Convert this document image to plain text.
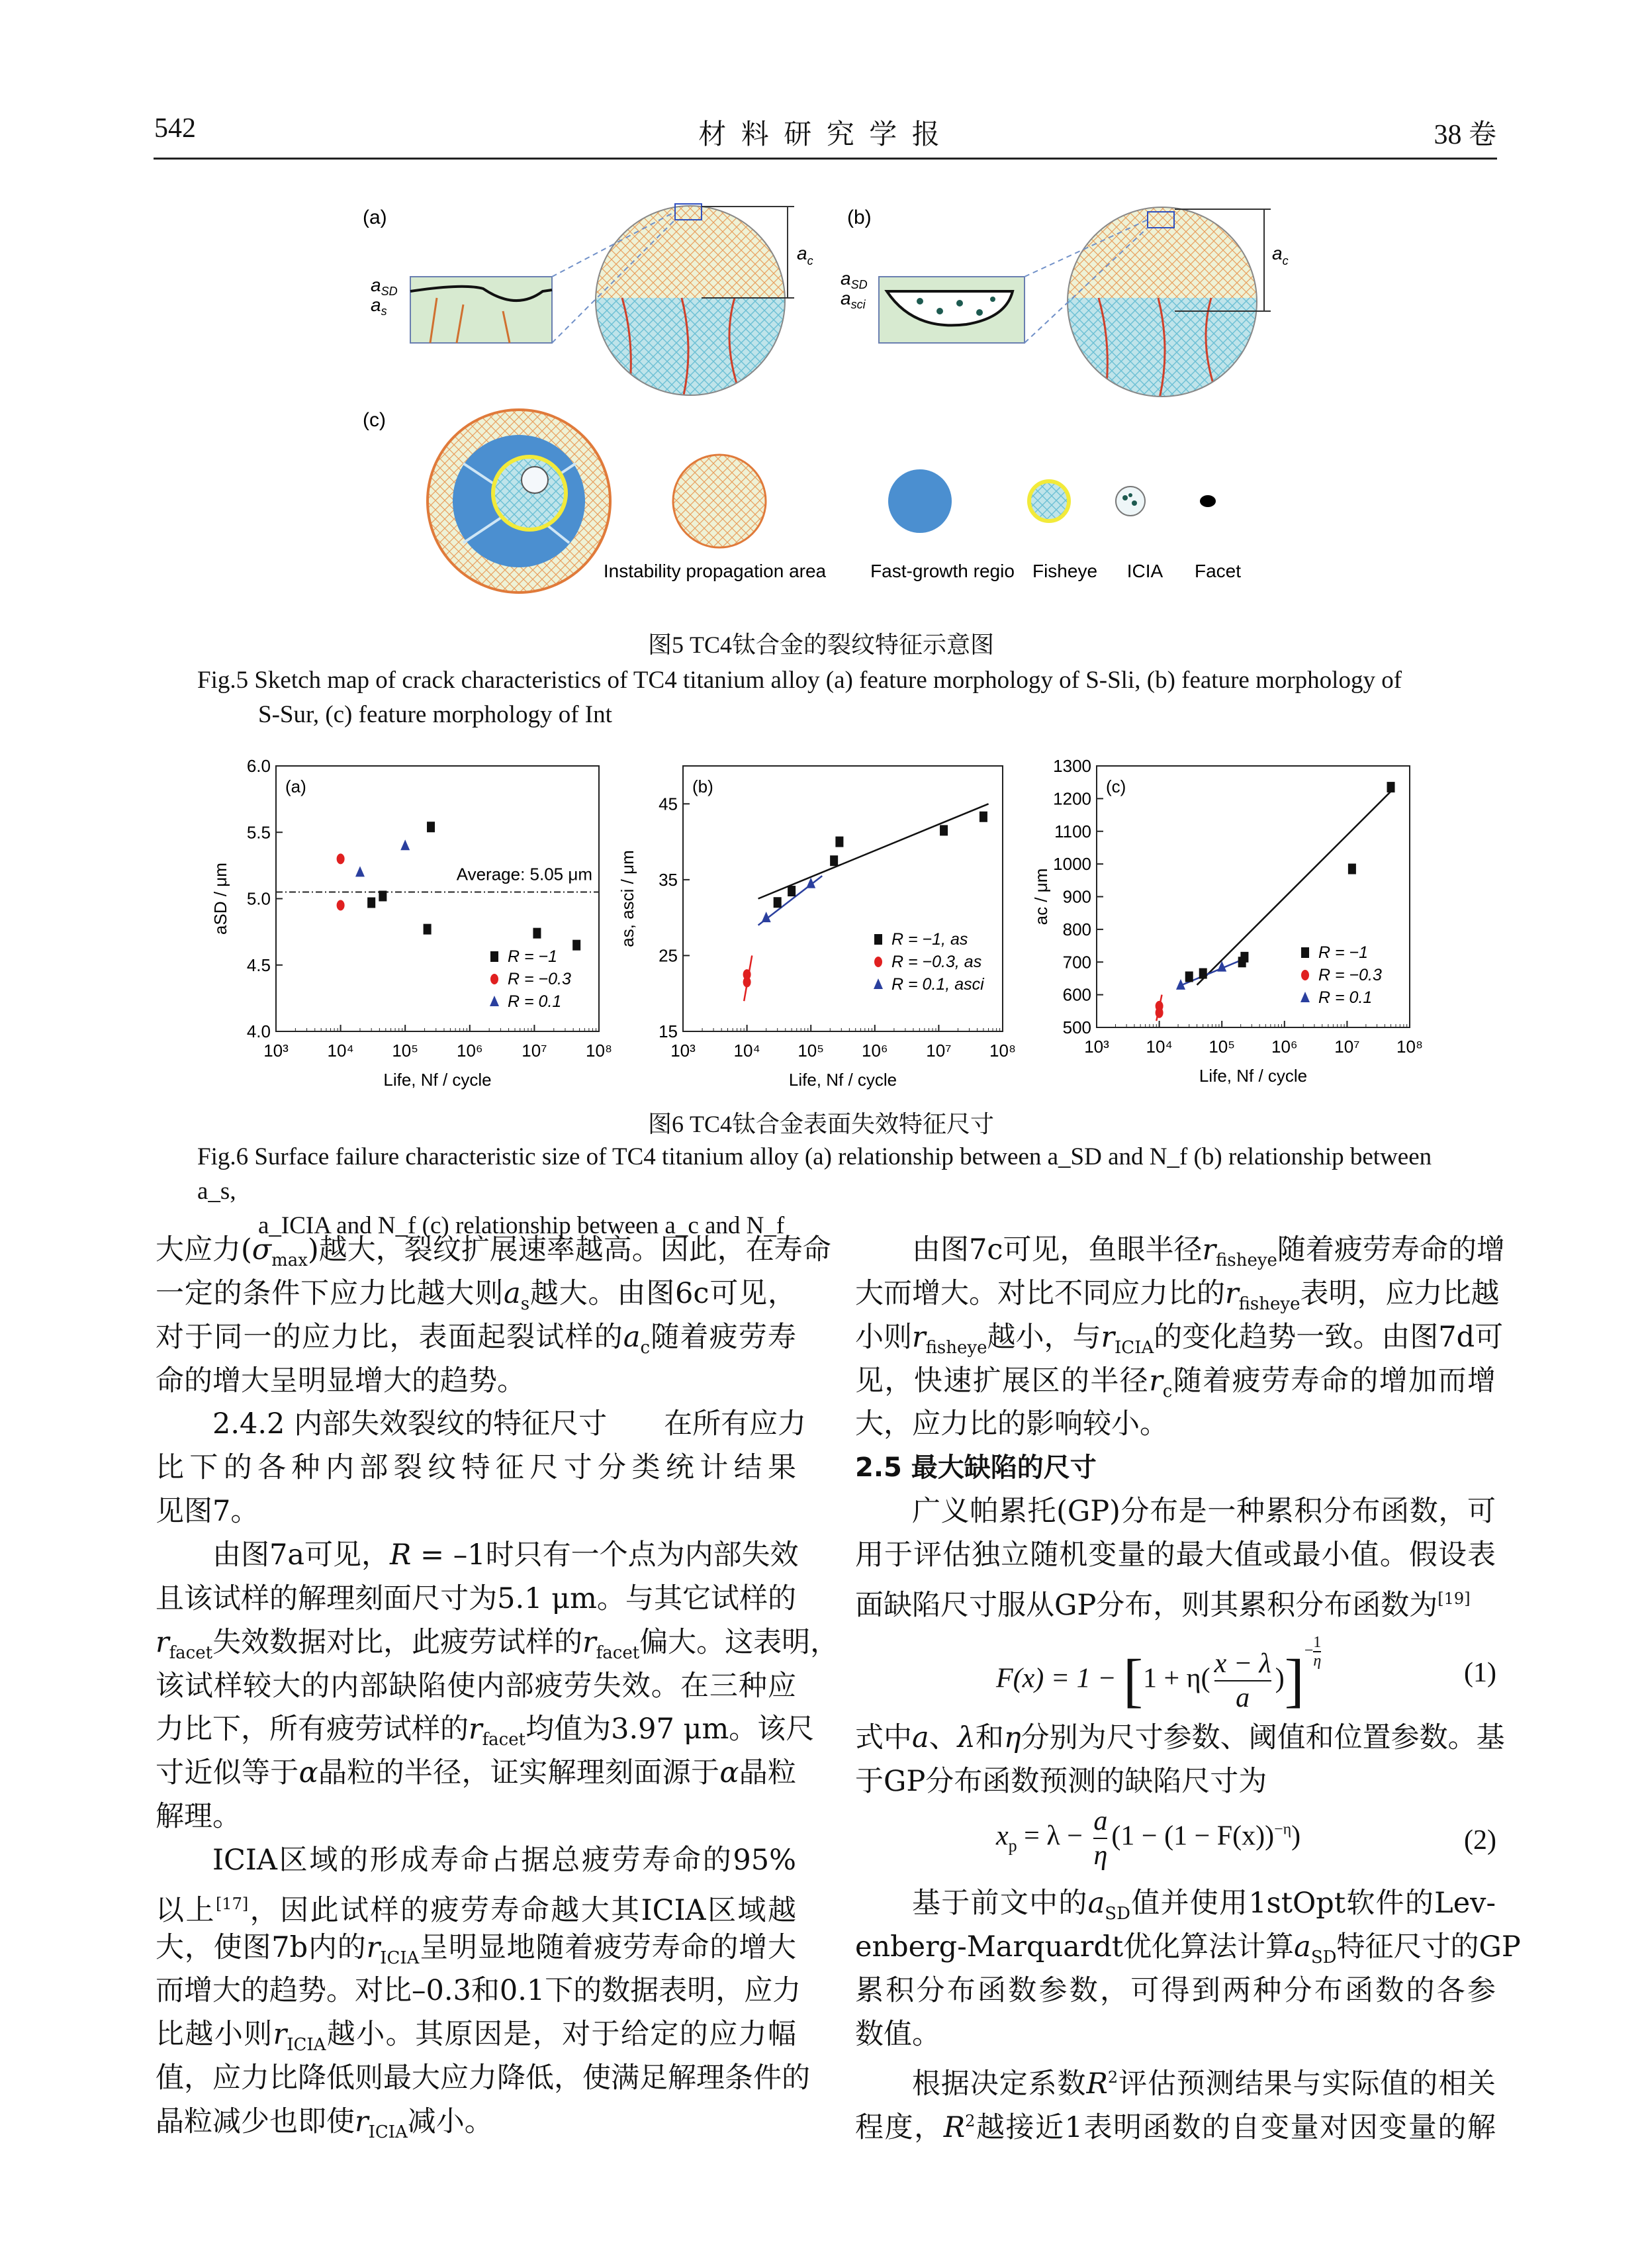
542	材 料 研 究 学 报	38 卷
(a)
$a_c$
$a_{SD}$
$a_s$
(b)
$a_c$
$a_{SD}$
$a_{sci}$
(c)
Instability propagation area Fast-growth regio Fisheye ICIA Facet
图5 TC4钛合金的裂纹特征示意图
Fig.5 Sketch map of crack characteristics of TC4 titanium alloy (a) feature morphology of S-Sli, (b) feature morphology of
S-Sur, (c) feature morphology of Int
10³ 10⁴ 10⁵ 10⁶ 10⁷ 10⁸
4.0
4.5
5.0
5.5
6.0
Life, Nf / cycle
aSD / μm
(a)
Average: 5.05 μm
R = −1
R = −0.3
R = 0.1
10³ 10⁴ 10⁵ 10⁶ 10⁷ 10⁸
15
25
35
45
Life, Nf / cycle
as, asci / μm
(b)
R = −1, as
R = −0.3, as
R = 0.1, asci
10³ 10⁴ 10⁵ 10⁶ 10⁷ 10⁸
500
600
700
800
900
1000
1100
1200
1300
Life, Nf / cycle
ac / μm
(c)
R = −1
R = −0.3
R = 0.1
图6 TC4钛合金表面失效特征尺寸
Fig.6 Surface failure characteristic size of TC4 titanium alloy (a) relationship between a_SD and N_f (b) relationship between a_s,
a_ICIA and N_f (c) relationship between a_c and N_f
大应力$(\sigma_{max})$越大，裂纹扩展速率越高。因此，在寿命
一定的条件下应力比越大则$a_s$越大。由图6c可见，
对于同一的应力比，表面起裂试样的$a_c$随着疲劳寿
命的增大呈明显增大的趋势。
2.4.2 内部失效裂纹的特征尺寸　　在所有应力
比下的各种内部裂纹特征尺寸分类统计结果
见图7。
由图7a可见，R = –1时只有一个点为内部失效
且该试样的解理刻面尺寸为5.1 μm。与其它试样的
$r_{facet}$失效数据对比，此疲劳试样的$r_{facet}$偏大。这表明，
该试样较大的内部缺陷使内部疲劳失效。在三种应
力比下，所有疲劳试样的$r_{facet}$均值为3.97 μm。该尺
寸近似等于α晶粒的半径，证实解理刻面源于α晶粒
解理。
ICIA区域的形成寿命占据总疲劳寿命的95%
以上[17]，因此试样的疲劳寿命越大其ICIA区域越
大，使图7b内的$r_{ICIA}$呈明显地随着疲劳寿命的增大
而增大的趋势。对比–0.3和0.1下的数据表明，应力
比越小则$r_{ICIA}$越小。其原因是，对于给定的应力幅
值，应力比降低则最大应力降低，使满足解理条件的
晶粒减少也即使$r_{ICIA}$减小。
由图7c可见，鱼眼半径$r_{fisheye}$随着疲劳寿命的增
大而增大。对比不同应力比的$r_{fisheye}$表明，应力比越
小则$r_{fisheye}$越小，与$r_{ICIA}$的变化趋势一致。由图7d可
见，快速扩展区的半径$r_c$随着疲劳寿命的增加而增
大，应力比的影响较小。
2.5 最大缺陷的尺寸
广义帕累托(GP)分布是一种累积分布函数，可
用于评估独立随机变量的最大值或最小值。假设表
面缺陷尺寸服从GP分布，则其累积分布函数为[19]
式中a、λ和η分别为尺寸参数、阈值和位置参数。基
于GP分布函数预测的缺陷尺寸为
基于前文中的$a_{SD}$值并使用1stOpt软件的Lev-
enberg-Marquardt优化算法计算$a_{SD}$特征尺寸的GP
累积分布函数参数，可得到两种分布函数的各参
数值。
根据决定系数$R^2$评估预测结果与实际值的相关
程度，$R^2$越接近1表明函数的自变量对因变量的解
$F(x) = 1 - [1 + \eta( \frac{x - \lambda}{a}$ )]− $\frac{1}{\eta}$
(1)
$x_p = \lambda - \frac{a}{\eta} (1 - (1 - F(x))^{-\eta})$	(2)
